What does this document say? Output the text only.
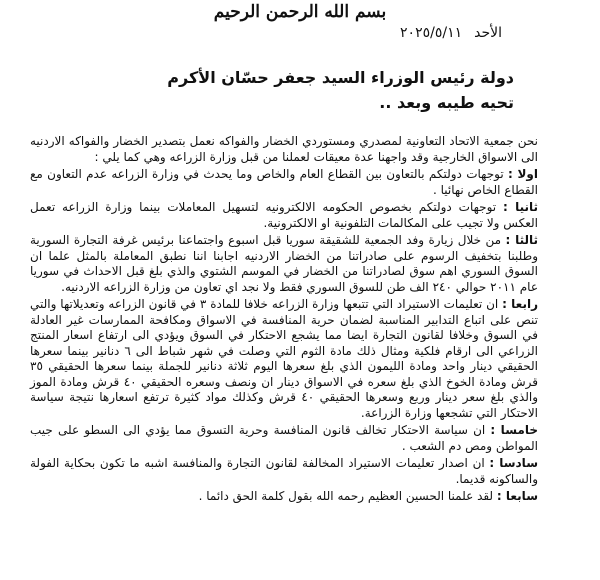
بسم الله الرحمن الرحيم
الأحد٢٠٢٥/٥/١١
دولة رئيس الوزراء السيد جعفر حسّان الأكرم
تحيه طيبه وبعد ..

نحن جمعية الاتحاد التعاونية لمصدري ومستوردي الخضار والفواكه نعمل بتصدير الخضار والفواكه الاردنيه الى الاسواق الخارجية وقد واجهنا عدة معيقات لعملنا من قبل وزارة الزراعه وهي كما يلي :

اولا : توجهات دولتكم بالتعاون بين القطاع العام والخاص وما يحدث في وزارة الزراعه عدم التعاون مع القطاع الخاص نهائيا .

ثانيا : توجهات دولتكم بخصوص الحكومه الالكترونيه لتسهيل المعاملات بينما وزارة الزراعه تعمل العكس ولا تجيب على المكالمات التلفونية او الالكترونية.

ثالثا : من خلال زيارة وفد الجمعية للشقيقة سوريا قبل اسبوع واجتماعنا برئيس غرفة التجارة السورية وطلبنا بتخفيف الرسوم على صادراتنا من الخضار الاردنيه اجابنا اننا نطبق المعاملة بالمثل علما ان السوق السوري اهم سوق لصادراتنا من الخضار في الموسم الشتوي والذي بلغ قبل الاحداث في سوريا عام ٢٠١١ حوالي ٢٤٠ الف طن للسوق السوري فقط ولا نجد اي تعاون من وزارة الزراعه الاردنيه.

رابعا : ان تعليمات الاستيراد التي تتبعها وزارة الزراعه خلافا للمادة ٣ في قانون الزراعه وتعديلاتها والتي تنص على اتباع التدابير المناسبة لضمان حرية المنافسة في الاسواق ومكافحة الممارسات غير العادلة في السوق وخلافا لقانون التجارة ايضا مما يشجع الاحتكار في السوق ويؤدي الى ارتفاع اسعار المنتج الزراعي الى ارقام فلكية ومثال ذلك مادة الثوم التي وصلت في شهر شباط الى ٦ دنانير بينما سعرها الحقيقي دينار واحد ومادة الليمون الذي بلغ سعرها اليوم ثلاثة دنانير للجملة بينما سعرها الحقيقي ٣٥ قرش ومادة الخوخ الذي بلغ سعره في الاسواق دينار ان ونصف وسعره الحقيقي ٤٠ قرش ومادة الموز والذي بلغ سعر دينار وربع وسعرها الحقيقي ٤٠ قرش وكذلك مواد كثيرة ترتفع اسعارها نتيجة سياسة الاحتكار التي تشجعها وزارة الزراعة.

خامسا : ان سياسة الاحتكار تخالف قانون المنافسة وحرية التسوق مما يؤدي الى السطو على جيب المواطن ومص دم الشعب .

سادسا : ان اصدار تعليمات الاستيراد المخالفة لقانون التجارة والمنافسة اشبه ما تكون بحكاية الفولة والساكونه قديما.

سابعا : لقد علمنا الحسين العظيم رحمه الله بقول كلمة الحق دائما .
